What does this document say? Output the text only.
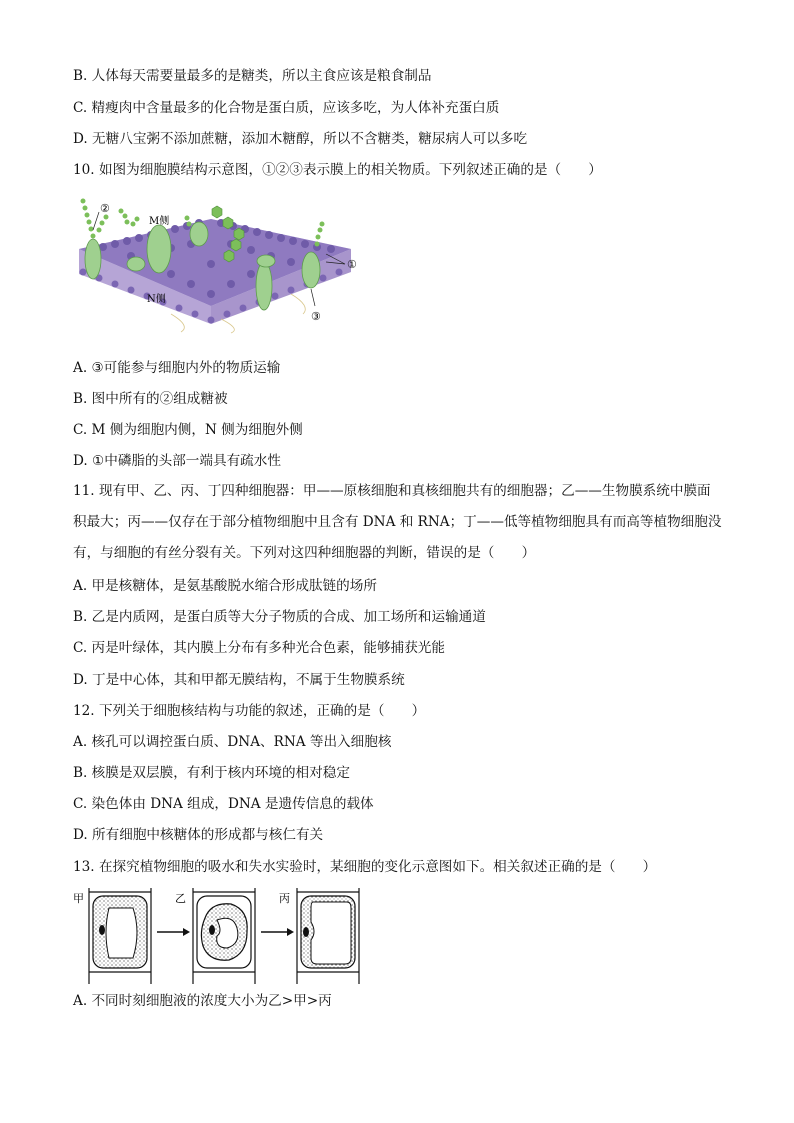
B. 人体每天需要量最多的是糖类，所以主食应该是粮食制品
C. 精瘦肉中含量最多的化合物是蛋白质，应该多吃，为人体补充蛋白质
D. 无糖八宝粥不添加蔗糖，添加木糖醇，所以不含糖类，糖尿病人可以多吃
10. 如图为细胞膜结构示意图，①②③表示膜上的相关物质。下列叙述正确的是（　　）
②
M侧
N侧
①
③
A. ③可能参与细胞内外的物质运输
B. 图中所有的②组成糖被
C. M 侧为细胞内侧，N 侧为细胞外侧
D. ①中磷脂的头部一端具有疏水性
11. 现有甲、乙、丙、丁四种细胞器：甲——原核细胞和真核细胞共有的细胞器；乙——生物膜系统中膜面积最大；丙——仅存在于部分植物细胞中且含有 DNA 和 RNA；丁——低等植物细胞具有而高等植物细胞没有，与细胞的有丝分裂有关。下列对这四种细胞器的判断，错误的是（　　）
A. 甲是核糖体，是氨基酸脱水缩合形成肽链的场所
B. 乙是内质网，是蛋白质等大分子物质的合成、加工场所和运输通道
C. 丙是叶绿体，其内膜上分布有多种光合色素，能够捕获光能
D. 丁是中心体，其和甲都无膜结构，不属于生物膜系统
12. 下列关于细胞核结构与功能的叙述，正确的是（　　）
A. 核孔可以调控蛋白质、DNA、RNA 等出入细胞核
B. 核膜是双层膜，有利于核内环境的相对稳定
C. 染色体由 DNA 组成，DNA 是遗传信息的载体
D. 所有细胞中核糖体的形成都与核仁有关
13. 在探究植物细胞的吸水和失水实验时，某细胞的变化示意图如下。相关叙述正确的是（　　）
甲	乙	丙
A. 不同时刻细胞液的浓度大小为乙>甲>丙
